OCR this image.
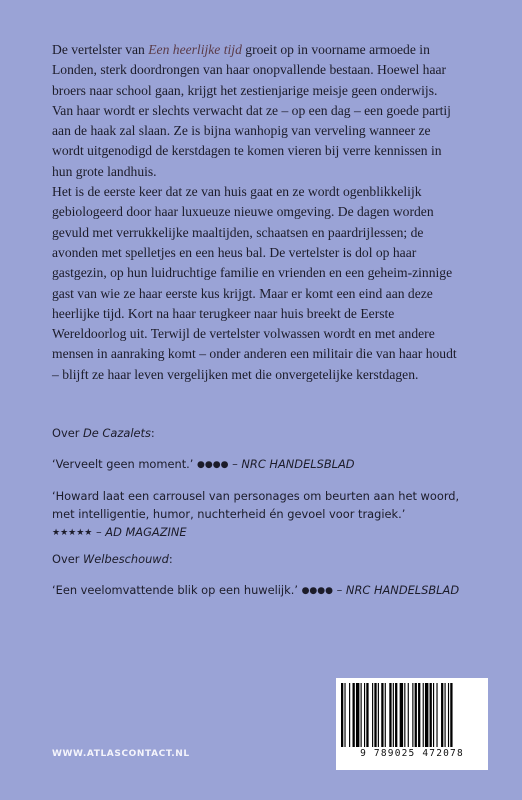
De vertelster van Een heerlijke tijd groeit op in voorname armoede in Londen, sterk doordrongen van haar onopvallende bestaan. Hoewel haar broers naar school gaan, krijgt het zestienjarige meisje geen onderwijs. Van haar wordt er slechts verwacht dat ze – op een dag – een goede partij aan de haak zal slaan. Ze is bijna wanhopig van verveling wanneer ze wordt uitgenodigd de kerstdagen te komen vieren bij verre kennissen in hun grote landhuis.

Het is de eerste keer dat ze van huis gaat en ze wordt ogenblikkelijk gebiologeerd door haar luxueuze nieuwe omgeving. De dagen worden gevuld met verrukkelijke maaltijden, schaatsen en paardrijlessen; de avonden met spelletjes en een heus bal. De vertelster is dol op haar gastgezin, op hun luidruchtige familie en vrienden en een geheim-zinnige gast van wie ze haar eerste kus krijgt. Maar er komt een eind aan deze heerlijke tijd. Kort na haar terugkeer naar huis breekt de Eerste Wereldoorlog uit. Terwijl de vertelster volwassen wordt en met andere mensen in aanraking komt – onder anderen een militair die van haar houdt – blijft ze haar leven vergelijken met die onvergetelijke kerstdagen.

Over De Cazalets:
‘Verveelt geen moment.’ ●●●● – NRC HANDELSBLAD
‘Howard laat een carrousel van personages om beurten aan het woord, met intelligentie, humor, nuchterheid én gevoel voor tragiek.’
★★★★★ – AD MAGAZINE
Over Welbeschouwd:
‘Een veelomvattende blik op een huwelijk.’ ●●●● – NRC HANDELSBLAD
WWW.ATLASCONTACT.NL	9 789025 472078
